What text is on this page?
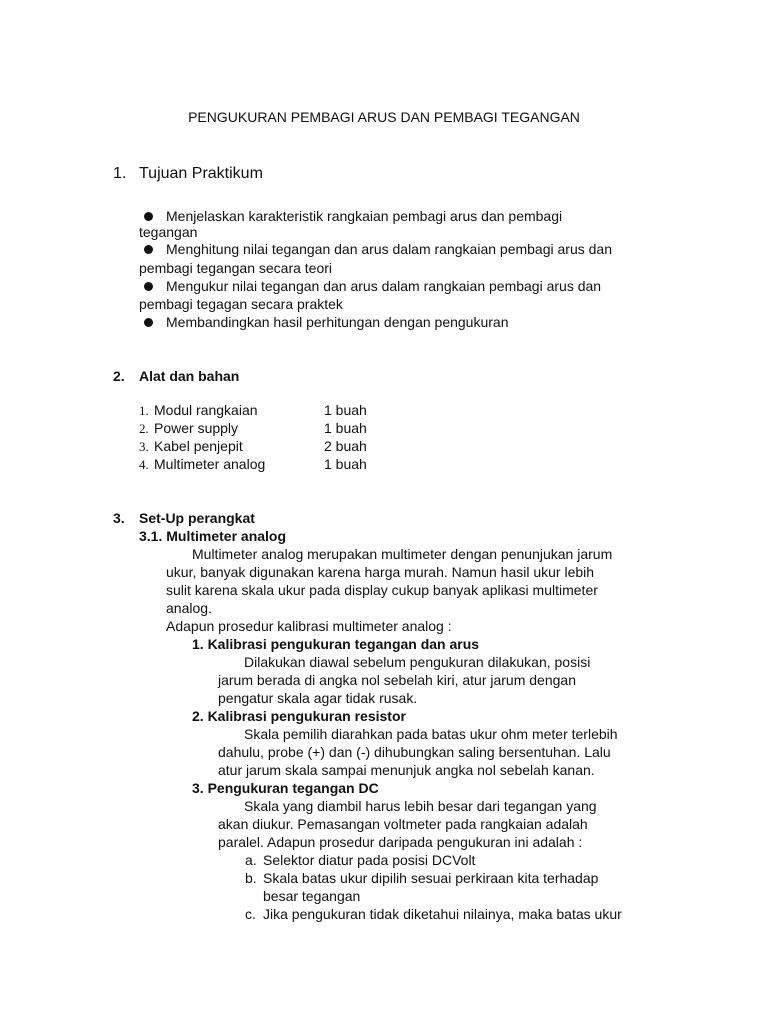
PENGUKURAN PEMBAGI ARUS DAN PEMBAGI TEGANGAN
1. Tujuan Praktikum
Menjelaskan karakteristik rangkaian pembagi arus dan pembagi
tegangan
Menghitung nilai tegangan dan arus dalam rangkaian pembagi arus dan
pembagi tegangan secara teori
Mengukur nilai tegangan dan arus dalam rangkaian pembagi arus dan
pembagi tegagan secara praktek
Membandingkan hasil perhitungan dengan pengukuran
2. Alat dan bahan
1. Modul rangkaian	1 buah
2. Power supply	1 buah
3. Kabel penjepit	2 buah
4. Multimeter analog	1 buah
3. Set-Up perangkat
3.1. Multimeter analog
Multimeter analog merupakan multimeter dengan penunjukan jarum
ukur, banyak digunakan karena harga murah. Namun hasil ukur lebih
sulit karena skala ukur pada display cukup banyak aplikasi multimeter
analog.
Adapun prosedur kalibrasi multimeter analog :
1. Kalibrasi pengukuran tegangan dan arus
Dilakukan diawal sebelum pengukuran dilakukan, posisi
jarum berada di angka nol sebelah kiri, atur jarum dengan
pengatur skala agar tidak rusak.
2. Kalibrasi pengukuran resistor
Skala pemilih diarahkan pada batas ukur ohm meter terlebih
dahulu, probe (+) dan (-) dihubungkan saling bersentuhan. Lalu
atur jarum skala sampai menunjuk angka nol sebelah kanan.
3. Pengukuran tegangan DC
Skala yang diambil harus lebih besar dari tegangan yang
akan diukur. Pemasangan voltmeter pada rangkaian adalah
paralel. Adapun prosedur daripada pengukuran ini adalah :
a. Selektor diatur pada posisi DCVolt
b. Skala batas ukur dipilih sesuai perkiraan kita terhadap
besar tegangan
c. Jika pengukuran tidak diketahui nilainya, maka batas ukur
